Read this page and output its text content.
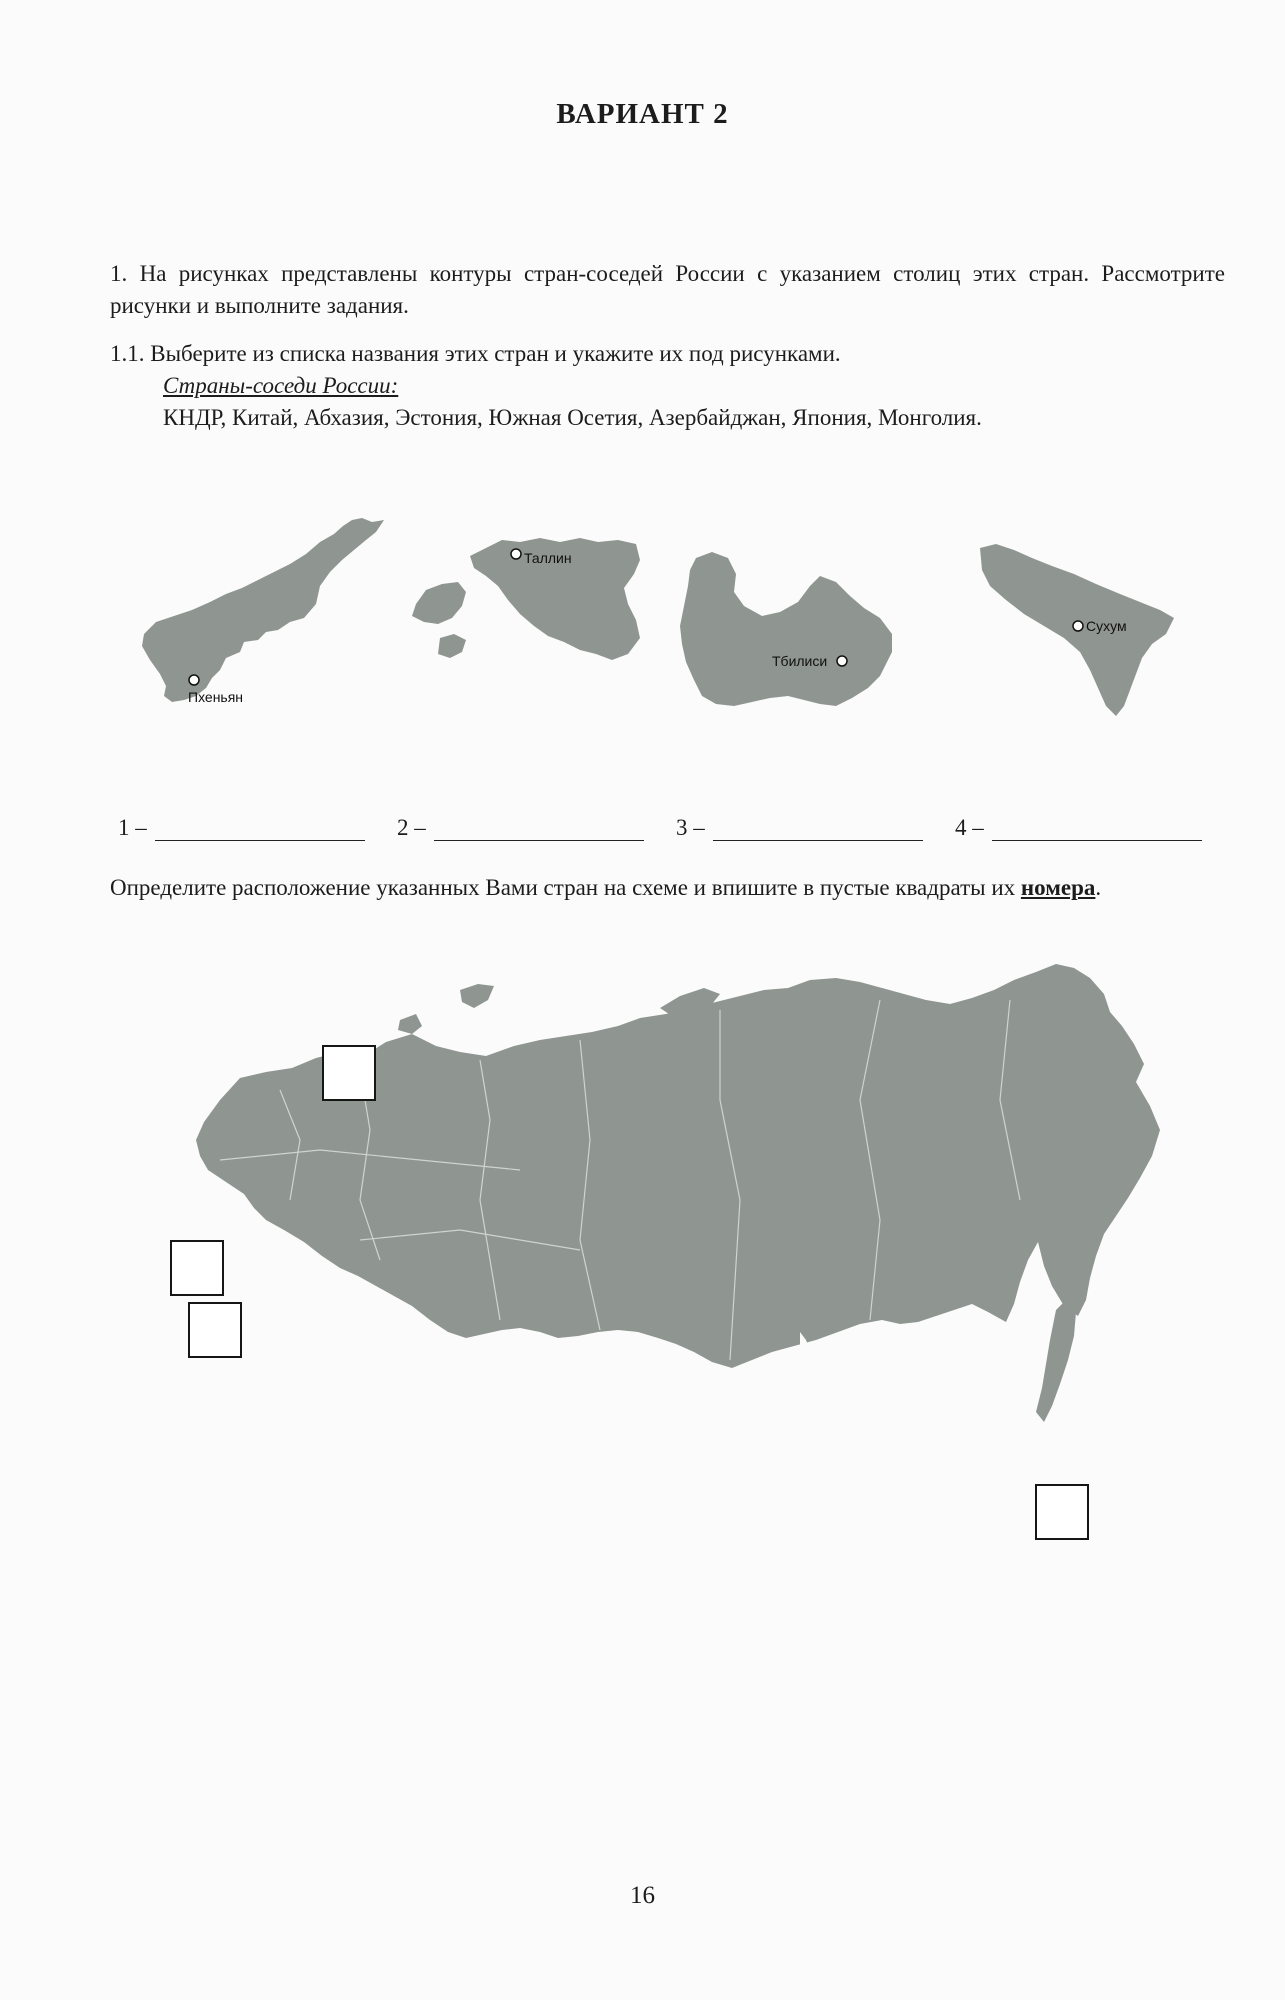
ВАРИАНТ 2
1. На рисунках представлены контуры стран-соседей России с указанием столиц этих стран. Рассмотрите рисунки и выполните задания.
1.1. Выберите из списка названия этих стран и укажите их под рисунками.
Страны-соседи России:
КНДР, Китай, Абхазия, Эстония, Южная Осетия, Азербайджан, Япония, Монголия.
Пхеньян
Таллин
Тбилиси
Сухум
1 –	2 –	3 –	4 –
Определите расположение указанных Вами стран на схеме и впишите в пустые квадраты их номера.
16
